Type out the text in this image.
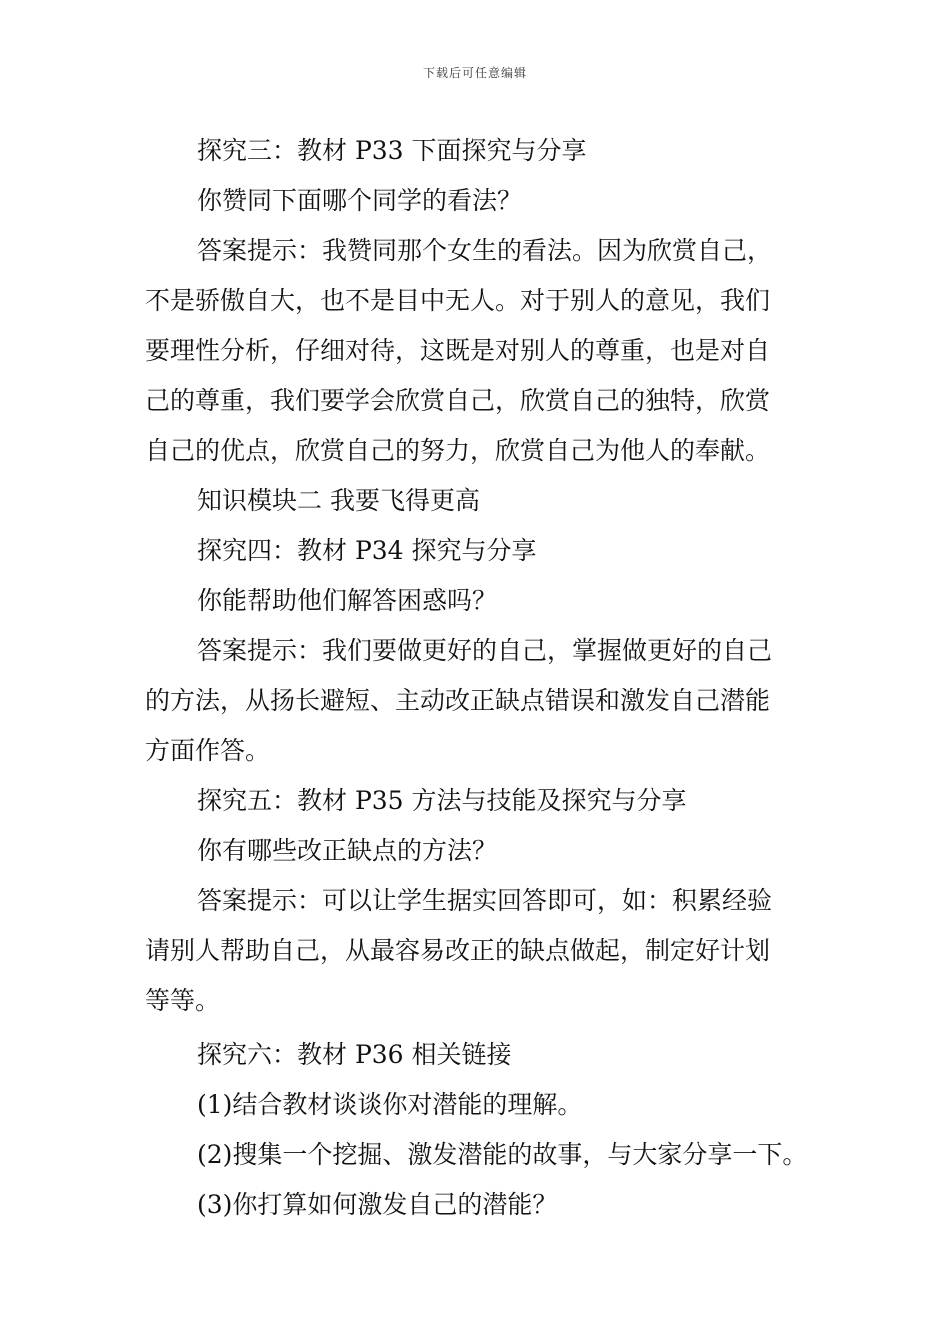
下载后可任意编辑
探究三：教材 P33 下面探究与分享
你赞同下面哪个同学的看法？
答案提示：我赞同那个女生的看法。因为欣赏自己，
不是骄傲自大，也不是目中无人。对于别人的意见，我们
要理性分析，仔细对待，这既是对别人的尊重，也是对自
己的尊重，我们要学会欣赏自己，欣赏自己的独特，欣赏
自己的优点，欣赏自己的努力，欣赏自己为他人的奉献。
知识模块二 我要飞得更高
探究四：教材 P34 探究与分享
你能帮助他们解答困惑吗？
答案提示：我们要做更好的自己，掌握做更好的自己
的方法，从扬长避短、主动改正缺点错误和激发自己潜能
方面作答。
探究五：教材 P35 方法与技能及探究与分享
你有哪些改正缺点的方法？
答案提示：可以让学生据实回答即可，如：积累经验
请别人帮助自己，从最容易改正的缺点做起，制定好计划
等等。
探究六：教材 P36 相关链接
(1)结合教材谈谈你对潜能的理解。
(2)搜集一个挖掘、激发潜能的故事，与大家分享一下。
(3)你打算如何激发自己的潜能？
